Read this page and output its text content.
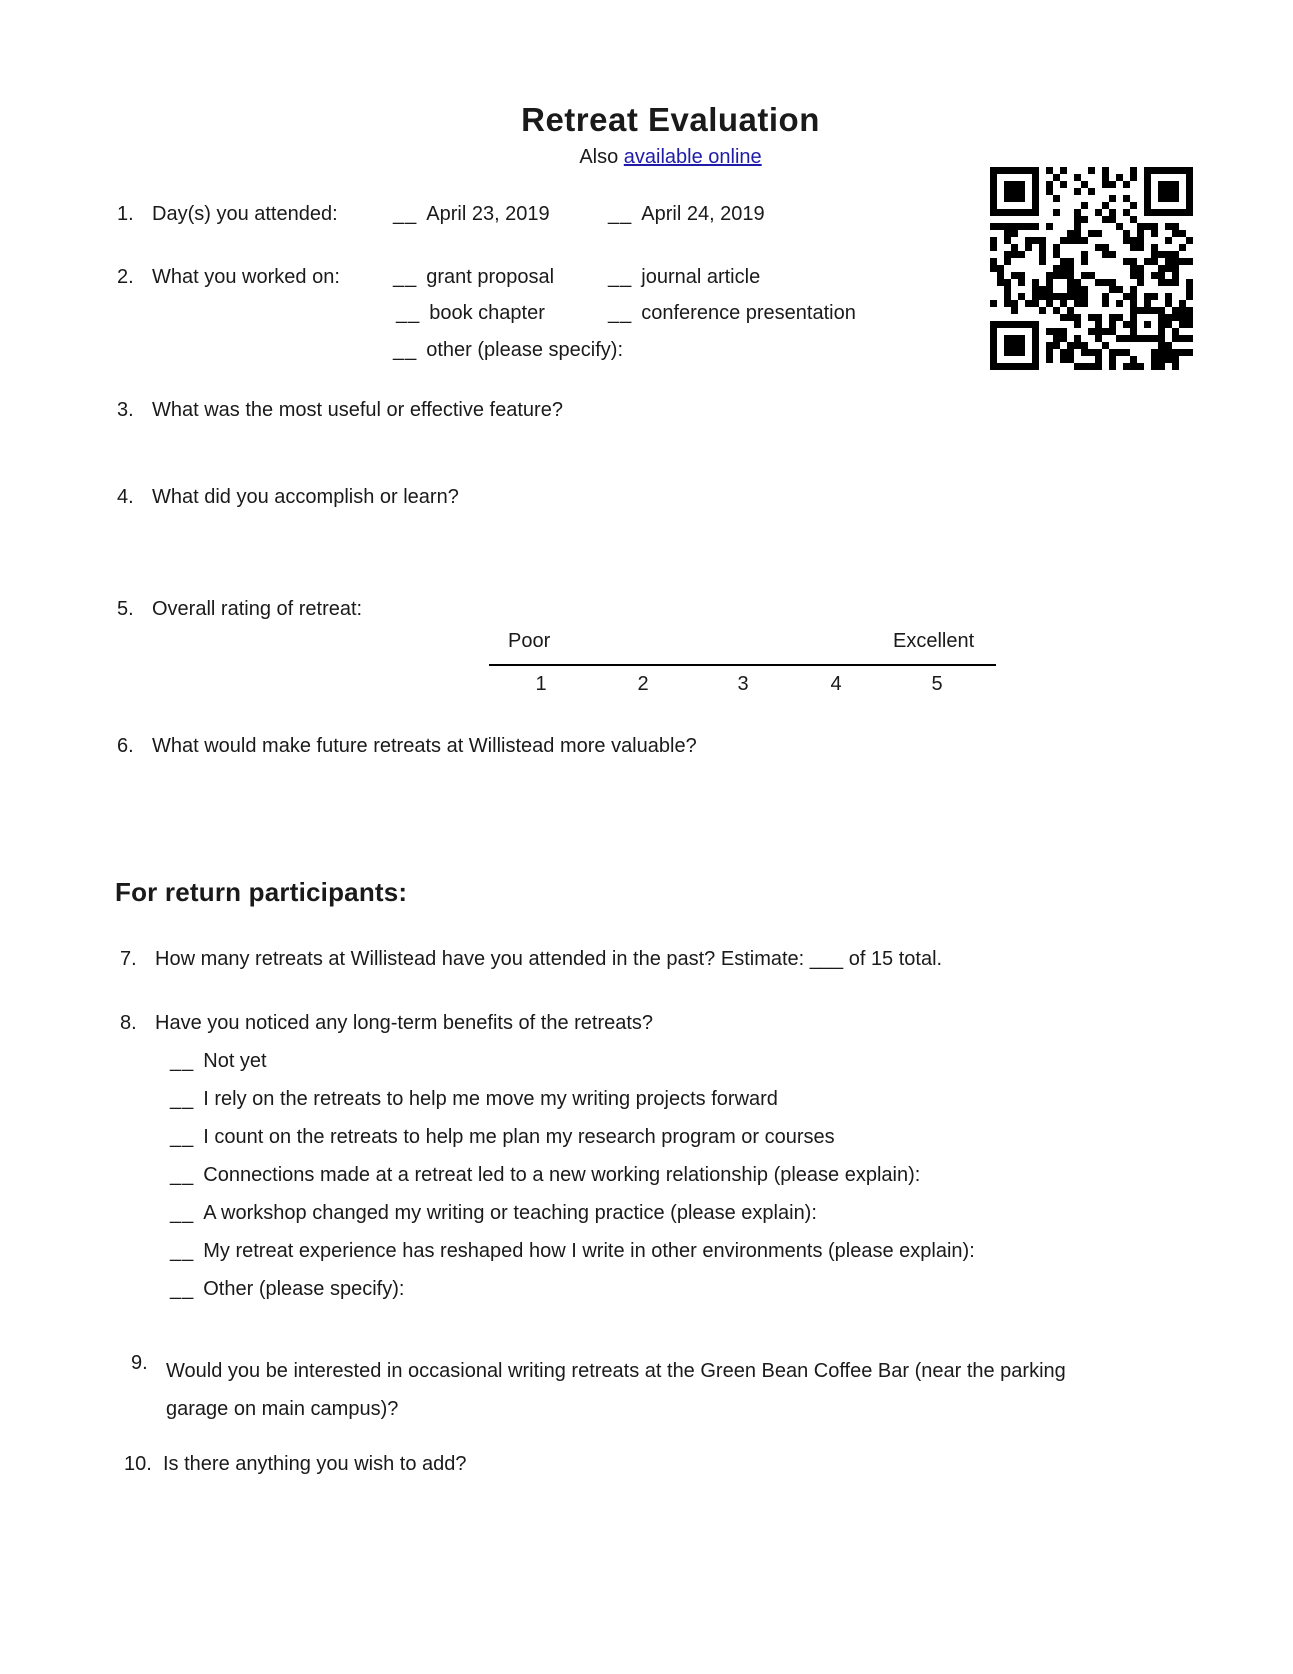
Retreat Evaluation
Also available online
1. Day(s) you attended:	__ April 23, 2019	__ April 24, 2019
2. What you worked on:	__ grant proposal	__ journal article
__ book chapter	__ conference presentation
__ other (please specify):
3. What was the most useful or effective feature?
4. What did you accomplish or learn?
5. Overall rating of retreat:
Poor	Excellent
1	2	3	4	5
6. What would make future retreats at Willistead more valuable?
For return participants:
7. How many retreats at Willistead have you attended in the past? Estimate: ___ of 15 total.
8. Have you noticed any long-term benefits of the retreats?
__ Not yet
__ I rely on the retreats to help me move my writing projects forward
__ I count on the retreats to help me plan my research program or courses
__ Connections made at a retreat led to a new working relationship (please explain):
__ A workshop changed my writing or teaching practice (please explain):
__ My retreat experience has reshaped how I write in other environments (please explain):
__ Other (please specify):
9. Would you be interested in occasional writing retreats at the Green Bean Coffee Bar (near the parking garage on main campus)?
10. Is there anything you wish to add?
